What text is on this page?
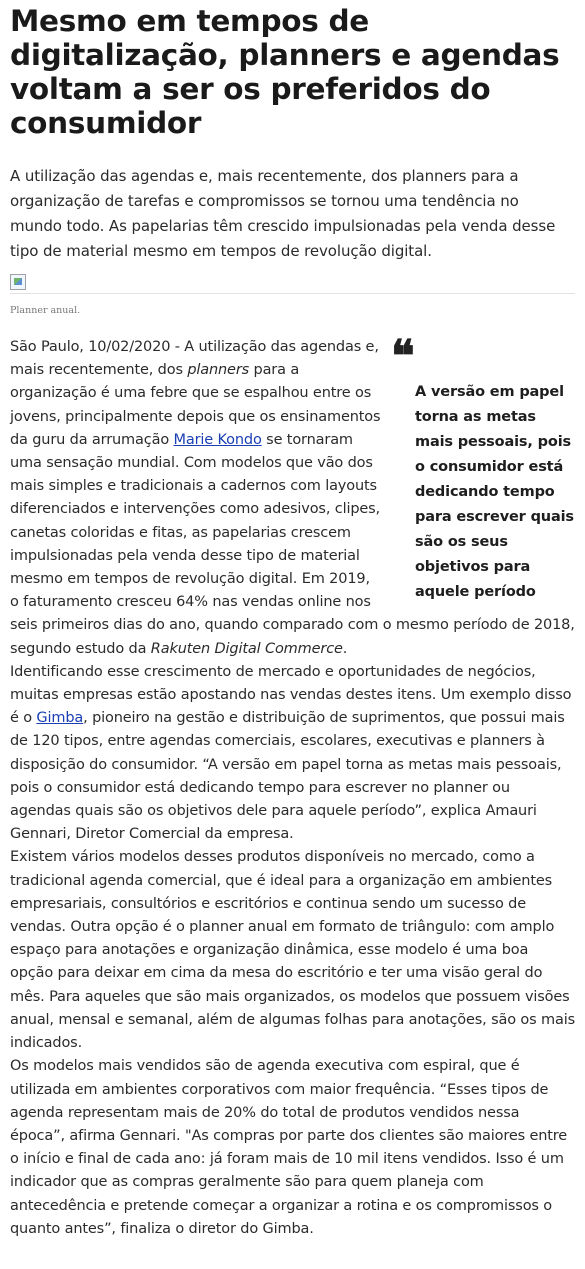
Mesmo em tempos de digitalização, planners e agendas voltam a ser os preferidos do consumidor

A utilização das agendas e, mais recentemente, dos planners para a organização de tarefas e compromissos se tornou uma tendência no mundo todo. As papelarias têm crescido impulsionadas pela venda desse tipo de material mesmo em tempos de revolução digital.

Planner anual.
❝

A versão em papel torna as metas mais pessoais, pois o consumidor está dedicando tempo para escrever quais são os seus objetivos para aquele período

São Paulo, 10/02/2020 - A utilização das agendas e, mais recentemente, dos planners para a organização é uma febre que se espalhou entre os jovens, principalmente depois que os ensinamentos da guru da arrumação Marie Kondo se tornaram uma sensação mundial. Com modelos que vão dos mais simples e tradicionais a cadernos com layouts diferenciados e intervenções como adesivos, clipes, canetas coloridas e fitas, as papelarias crescem impulsionadas pela venda desse tipo de material mesmo em tempos de revolução digital. Em 2019, o faturamento cresceu 64% nas vendas online nos seis primeiros dias do ano, quando comparado com o mesmo período de 2018, segundo estudo da Rakuten Digital Commerce.

Identificando esse crescimento de mercado e oportunidades de negócios, muitas empresas estão apostando nas vendas destes itens. Um exemplo disso é o Gimba, pioneiro na gestão e distribuição de suprimentos, que possui mais de 120 tipos, entre agendas comerciais, escolares, executivas e planners à disposição do consumidor. “A versão em papel torna as metas mais pessoais, pois o consumidor está dedicando tempo para escrever no planner ou agendas quais são os objetivos dele para aquele período”, explica Amauri Gennari, Diretor Comercial da empresa.

Existem vários modelos desses produtos disponíveis no mercado, como a tradicional agenda comercial, que é ideal para a organização em ambientes empresariais, consultórios e escritórios e continua sendo um sucesso de vendas. Outra opção é o planner anual em formato de triângulo: com amplo espaço para anotações e organização dinâmica, esse modelo é uma boa opção para deixar em cima da mesa do escritório e ter uma visão geral do mês. Para aqueles que são mais organizados, os modelos que possuem visões anual, mensal e semanal, além de algumas folhas para anotações, são os mais indicados.

Os modelos mais vendidos são de agenda executiva com espiral, que é utilizada em ambientes corporativos com maior frequência. “Esses tipos de agenda representam mais de 20% do total de produtos vendidos nessa época”, afirma Gennari. "As compras por parte dos clientes são maiores entre o início e final de cada ano: já foram mais de 10 mil itens vendidos. Isso é um indicador que as compras geralmente são para quem planeja com antecedência e pretende começar a organizar a rotina e os compromissos o quanto antes”, finaliza o diretor do Gimba.
